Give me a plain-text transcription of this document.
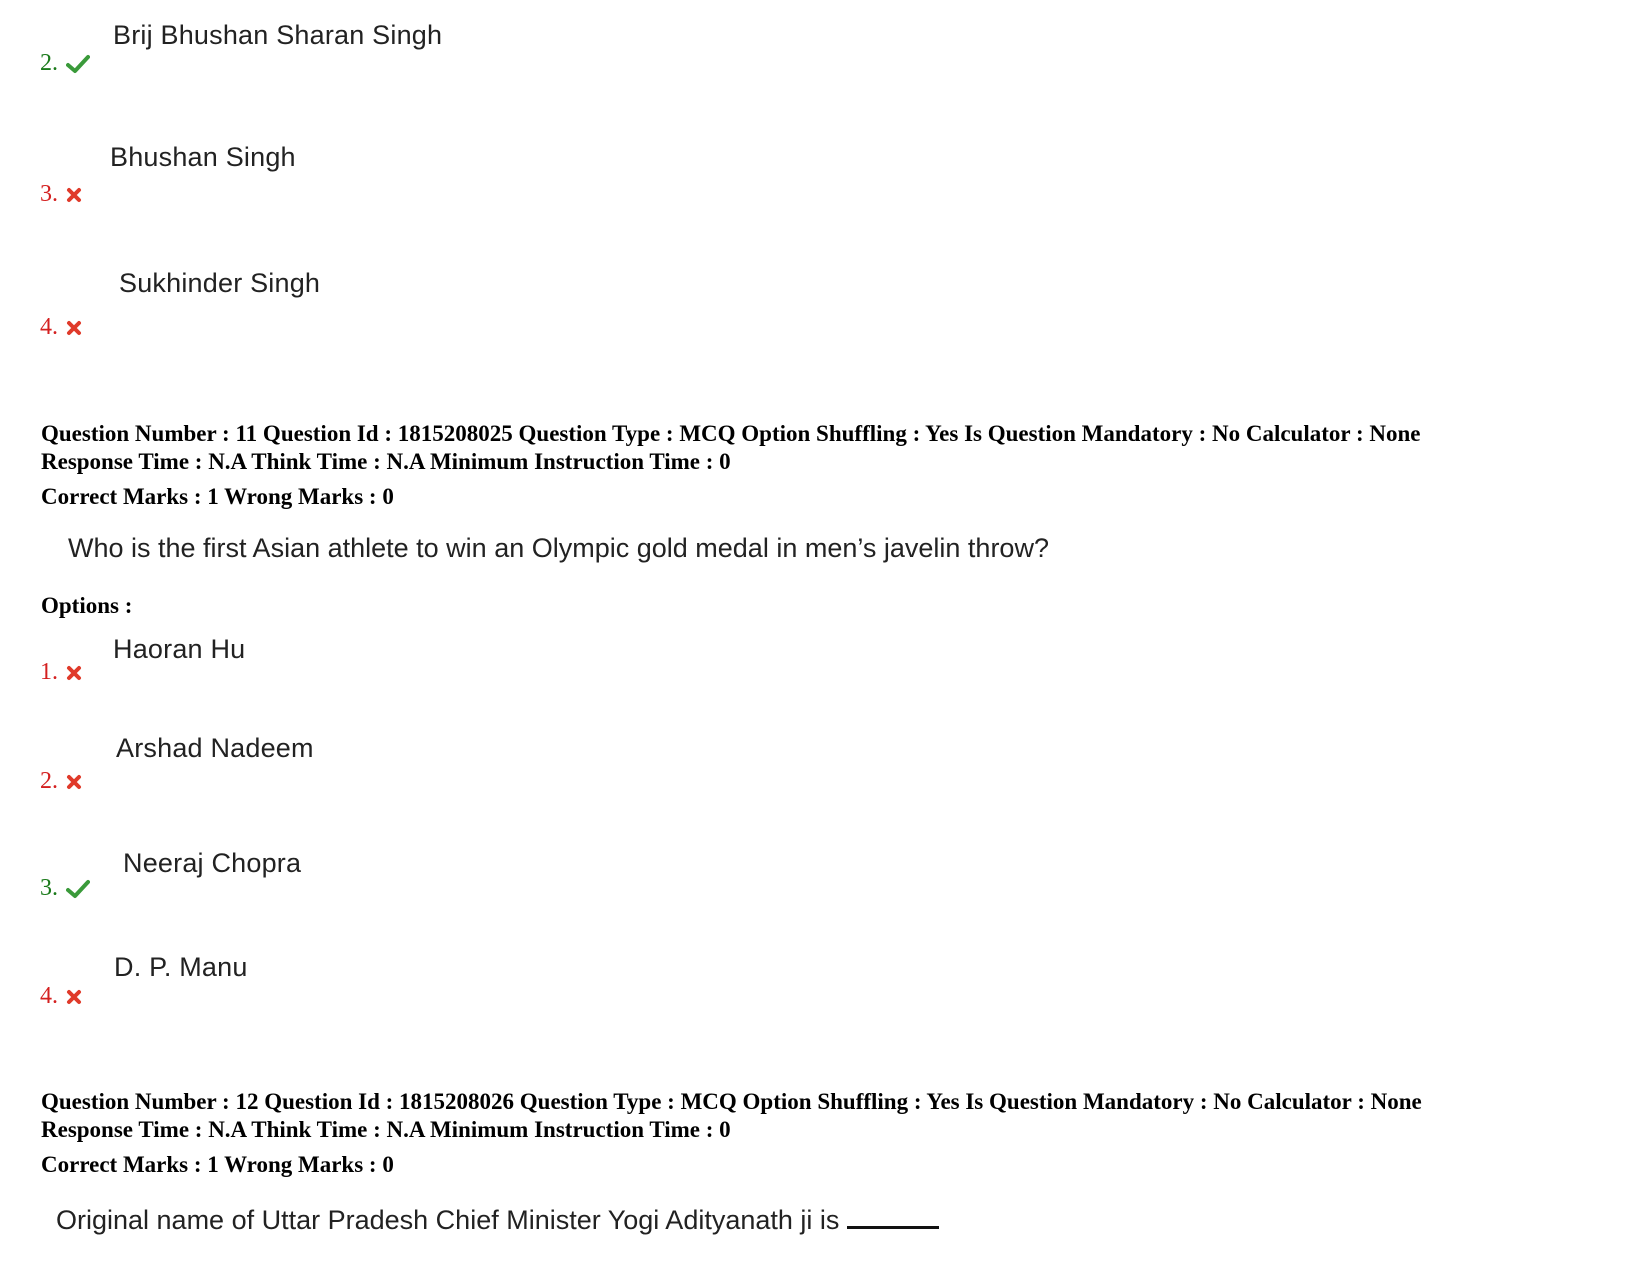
Brij Bhushan Sharan Singh
2.
Bhushan Singh
3.
Sukhinder Singh
4.
Question Number : 11 Question Id : 1815208025 Question Type : MCQ Option Shuffling : Yes Is Question Mandatory : No Calculator : None
Response Time : N.A Think Time : N.A Minimum Instruction Time : 0
Correct Marks : 1 Wrong Marks : 0
Who is the first Asian athlete to win an Olympic gold medal in men’s javelin throw?
Options :
Haoran Hu
1.
Arshad Nadeem
2.
Neeraj Chopra
3.
D. P. Manu
4.
Question Number : 12 Question Id : 1815208026 Question Type : MCQ Option Shuffling : Yes Is Question Mandatory : No Calculator : None
Response Time : N.A Think Time : N.A Minimum Instruction Time : 0
Correct Marks : 1 Wrong Marks : 0
Original name of Uttar Pradesh Chief Minister Yogi Adityanath ji is
